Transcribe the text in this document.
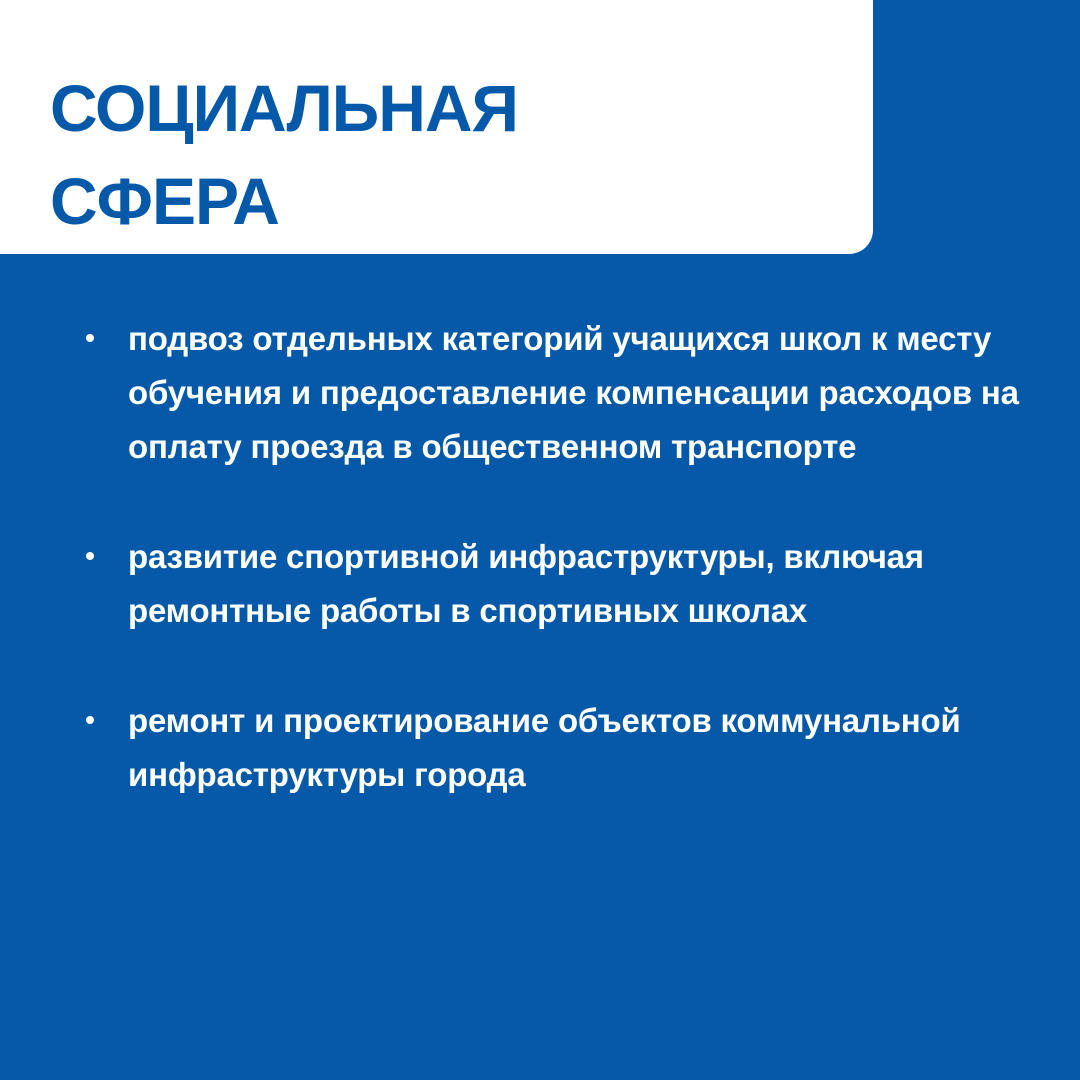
СОЦИАЛЬНАЯ
СФЕРА
подвоз отдельных категорий учащихся школ к месту обучения и предоставление компенсации расходов на оплату проезда в общественном транспорте
развитие спортивной инфраструктуры, включая ремонтные работы в спортивных школах
ремонт и проектирование объектов коммунальной инфраструктуры города
